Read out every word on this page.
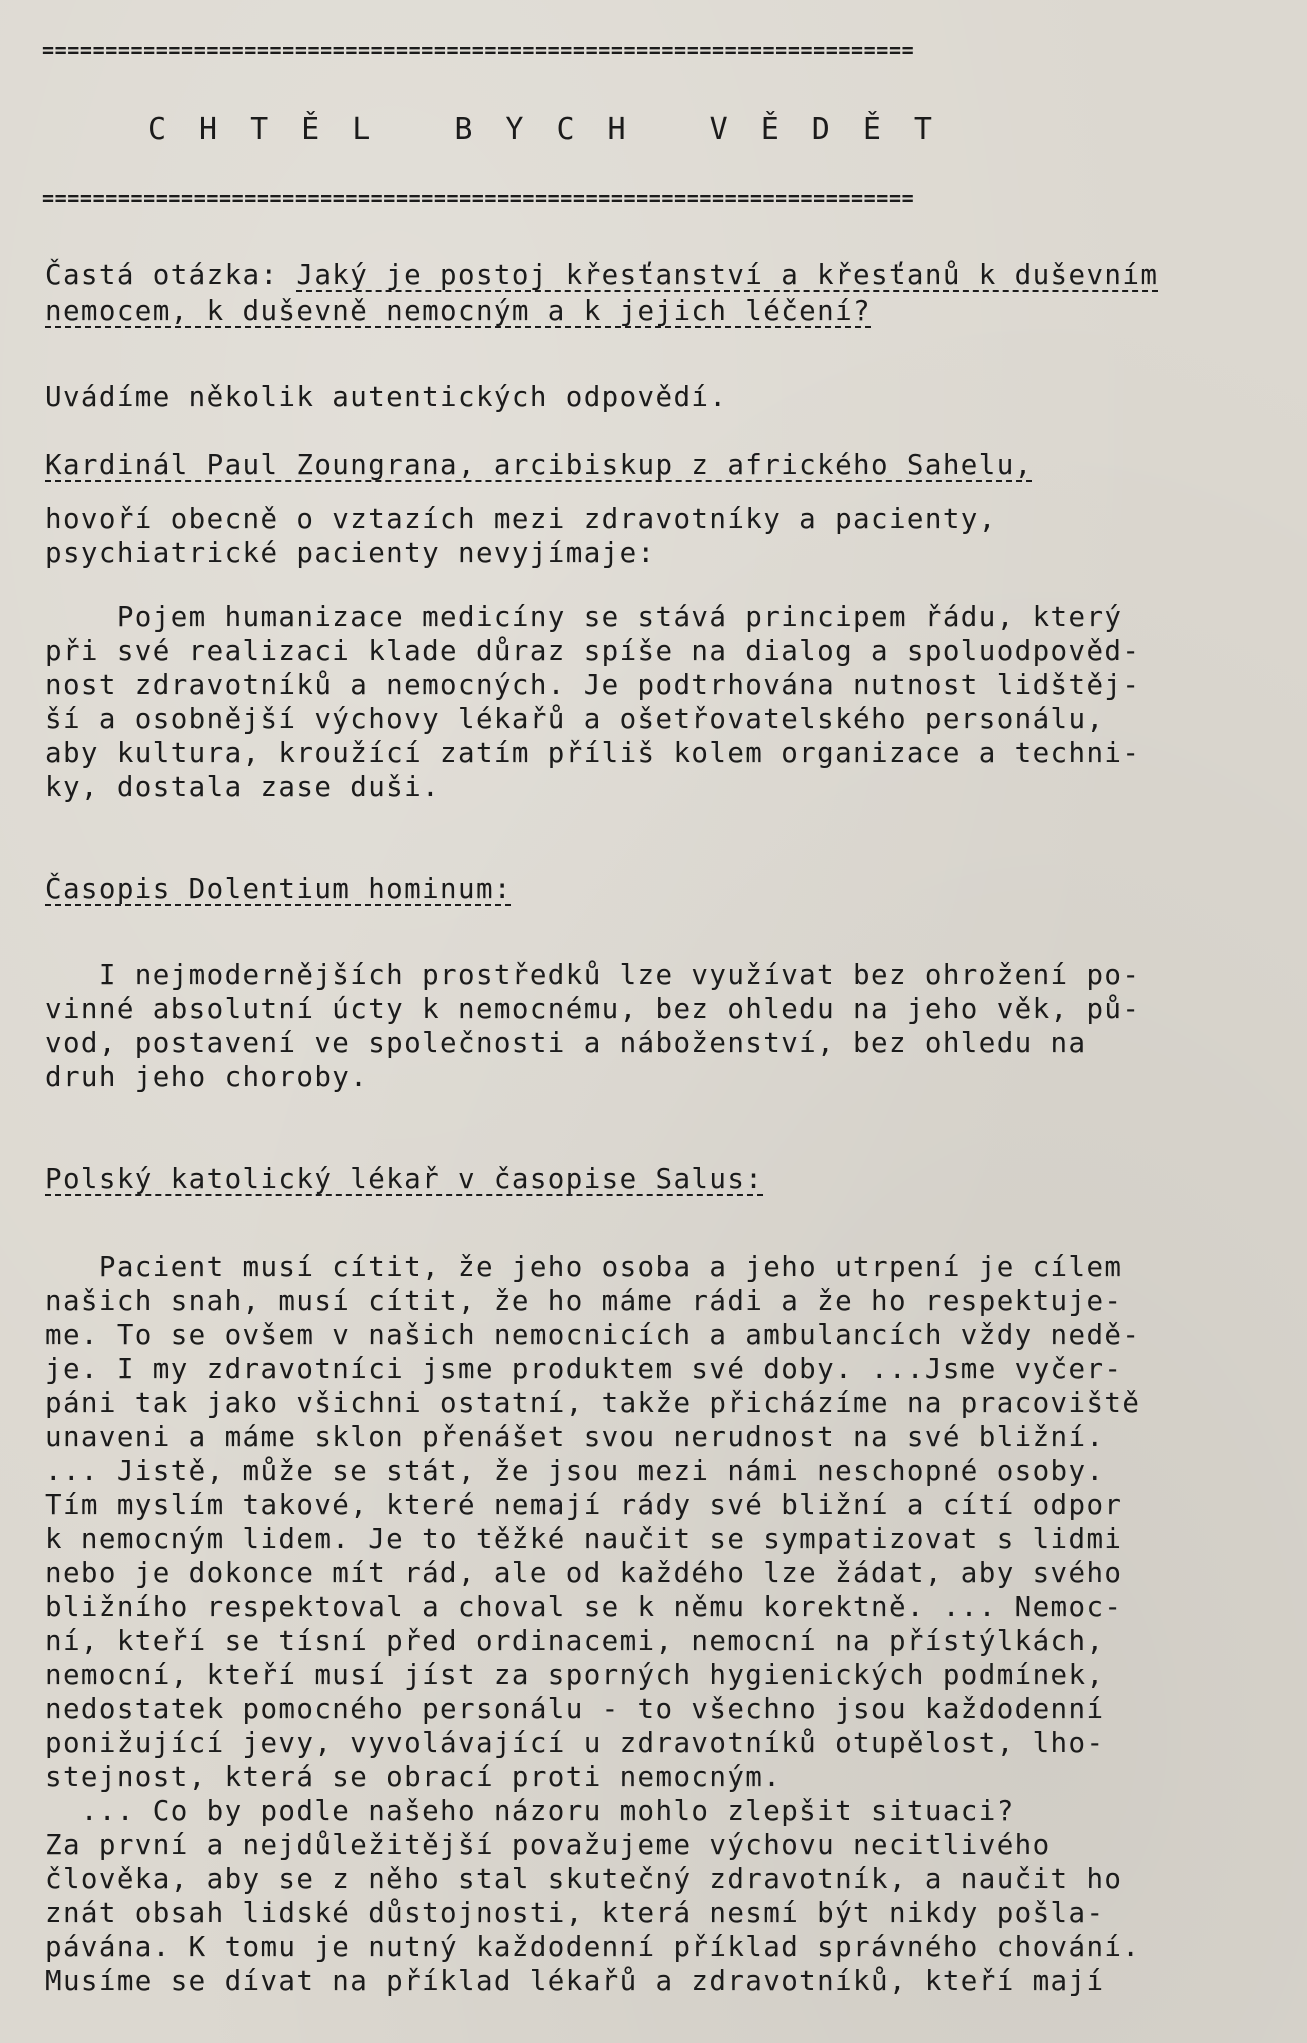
=====================================================================
CHTĚL BYCH VĚDĚT
=====================================================================
Častá otázka: Jaký je postoj křesťanství a křesťanů k duševním
nemocem, k duševně nemocným a k jejich léčení?
Uvádíme několik autentických odpovědí.
Kardinál Paul Zoungrana, arcibiskup z afrického Sahelu,
hovoří obecně o vztazích mezi zdravotníky a pacienty,
psychiatrické pacienty nevyjímaje:
Pojem humanizace medicíny se stává principem řádu, který
při své realizaci klade důraz spíše na dialog a spoluodpověd-
nost zdravotníků a nemocných. Je podtrhována nutnost lidštěj-
ší a osobnější výchovy lékařů a ošetřovatelského personálu,
aby kultura, kroužící zatím příliš kolem organizace a techni-
ky, dostala zase duši.
Časopis Dolentium hominum:
I nejmodernějších prostředků lze využívat bez ohrožení po-
vinné absolutní úcty k nemocnému, bez ohledu na jeho věk, pů-
vod, postavení ve společnosti a náboženství, bez ohledu na
druh jeho choroby.
Polský katolický lékař v časopise Salus:
Pacient musí cítit, že jeho osoba a jeho utrpení je cílem
našich snah, musí cítit, že ho máme rádi a že ho respektuje-
me. To se ovšem v našich nemocnicích a ambulancích vždy nedě-
je. I my zdravotníci jsme produktem své doby. ...Jsme vyčer-
páni tak jako všichni ostatní, takže přicházíme na pracoviště
unaveni a máme sklon přenášet svou nerudnost na své bližní.
... Jistě, může se stát, že jsou mezi námi neschopné osoby.
Tím myslím takové, které nemají rády své bližní a cítí odpor
k nemocným lidem. Je to těžké naučit se sympatizovat s lidmi
nebo je dokonce mít rád, ale od každého lze žádat, aby svého
bližního respektoval a choval se k němu korektně. ... Nemoc-
ní, kteří se tísní před ordinacemi, nemocní na přístýlkách,
nemocní, kteří musí jíst za sporných hygienických podmínek,
nedostatek pomocného personálu - to všechno jsou každodenní
ponižující jevy, vyvolávající u zdravotníků otupělost, lho-
stejnost, která se obrací proti nemocným.
... Co by podle našeho názoru mohlo zlepšit situaci?
Za první a nejdůležitější považujeme výchovu necitlivého
člověka, aby se z něho stal skutečný zdravotník, a naučit ho
znát obsah lidské důstojnosti, která nesmí být nikdy pošla-
pávána. K tomu je nutný každodenní příklad správného chování.
Musíme se dívat na příklad lékařů a zdravotníků, kteří mají
